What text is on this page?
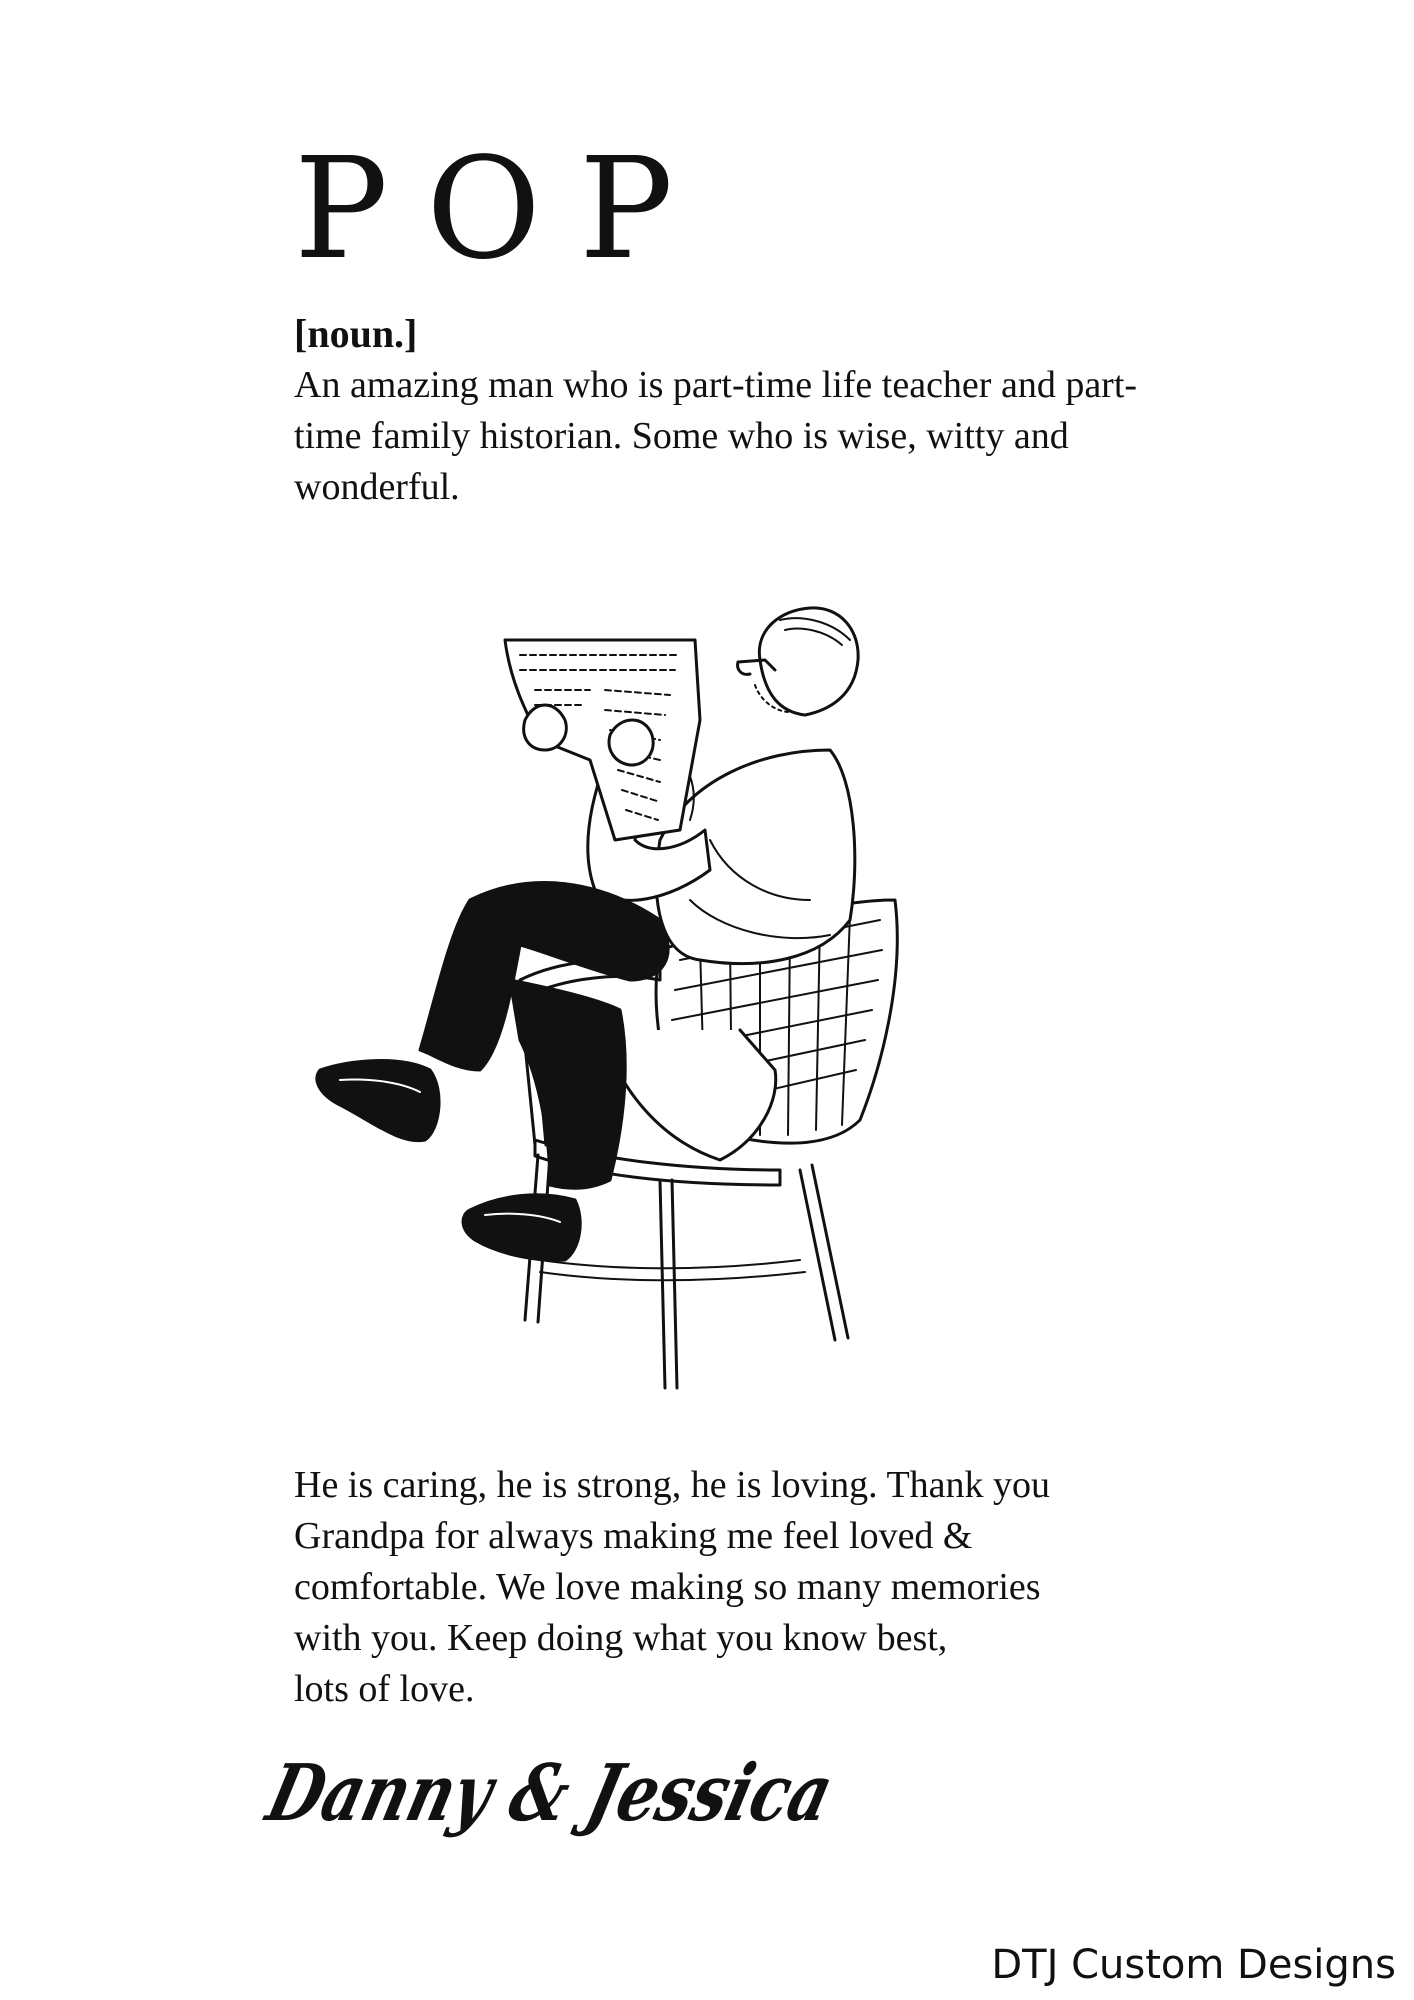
POP

[noun.]

An amazing man who is part-time life teacher and part-time family historian. Some who is wise, witty and wonderful.

He is caring, he is strong, he is loving. Thank you
Grandpa for always making me feel loved &
comfortable. We love making so many memories
with you. Keep doing what you know best,
lots of love.

Danny & Jessica

DTJ Custom Designs
